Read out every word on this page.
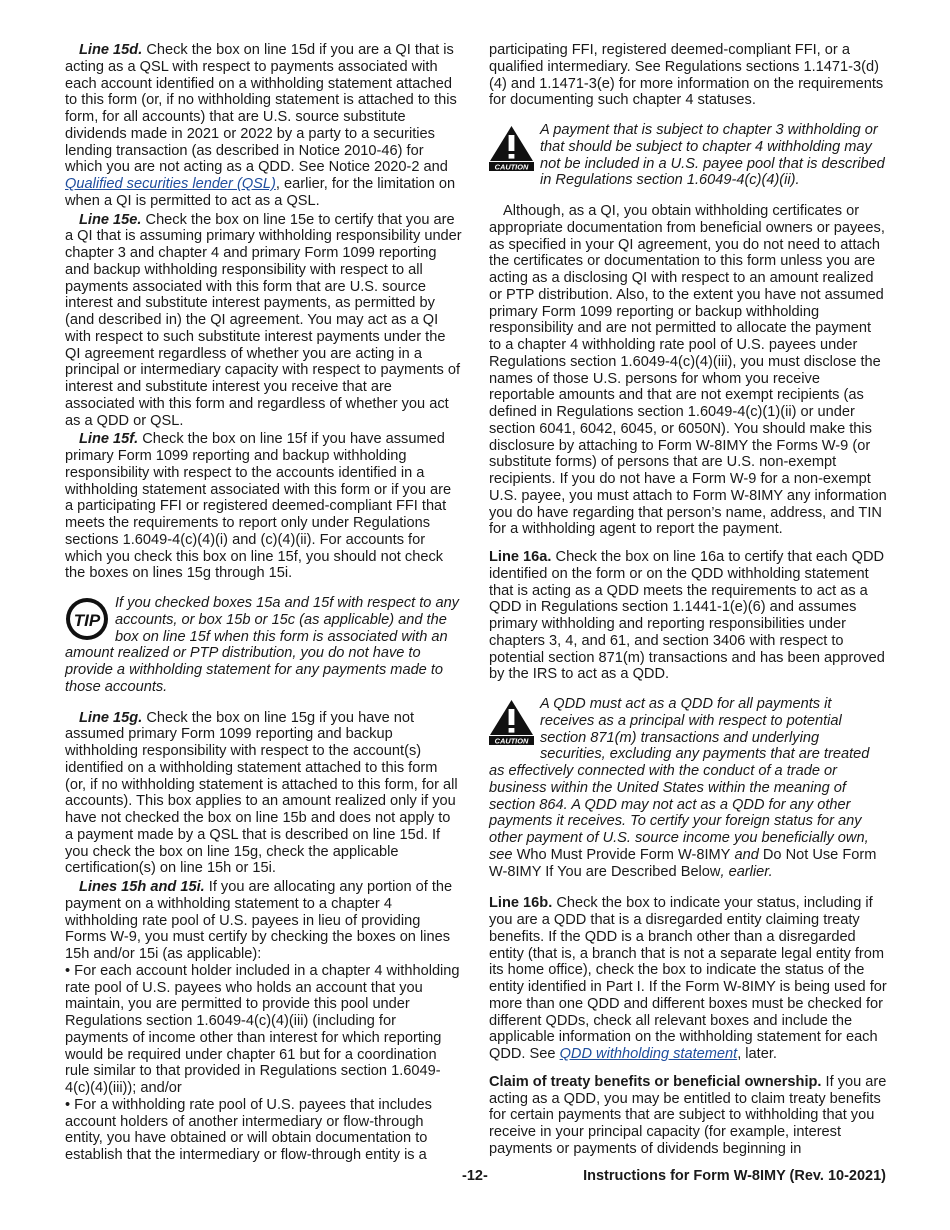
Line 15d. Check the box on line 15d if you are a QI that is acting as a QSL with respect to payments associated with each account identified on a withholding statement attached to this form (or, if no withholding statement is attached to this form, for all accounts) that are U.S. source substitute dividends made in 2021 or 2022 by a party to a securities lending transaction (as described in Notice 2010-46) for which you are not acting as a QDD. See Notice 2020-2 and Qualified securities lender (QSL), earlier, for the limitation on when a QI is permitted to act as a QSL.

Line 15e. Check the box on line 15e to certify that you are a QI that is assuming primary withholding responsibility under chapter 3 and chapter 4 and primary Form 1099 reporting and backup withholding responsibility with respect to all payments associated with this form that are U.S. source interest and substitute interest payments, as permitted by (and described in) the QI agreement. You may act as a QI with respect to such substitute interest payments under the QI agreement regardless of whether you are acting in a principal or intermediary capacity with respect to payments of interest and substitute interest you receive that are associated with this form and regardless of whether you act as a QDD or QSL.

Line 15f. Check the box on line 15f if you have assumed primary Form 1099 reporting and backup withholding responsibility with respect to the accounts identified in a withholding statement associated with this form or if you are a participating FFI or registered deemed-compliant FFI that meets the requirements to report only under Regulations sections 1.6049-4(c)(4)(i) and (c)(4)(ii). For accounts for which you check this box on line 15f, you should not check the boxes on lines 15g through 15i.

TIP
If you checked boxes 15a and 15f with respect to any accounts, or box 15b or 15c (as applicable) and the box on line 15f when this form is associated with an amount realized or PTP distribution, you do not have to provide a withholding statement for any payments made to those accounts.

Line 15g. Check the box on line 15g if you have not assumed primary Form 1099 reporting and backup withholding responsibility with respect to the account(s) identified on a withholding statement attached to this form (or, if no withholding statement is attached to this form, for all accounts). This box applies to an amount realized only if you have not checked the box on line 15b and does not apply to a payment made by a QSL that is described on line 15d. If you check the box on line 15g, check the applicable certification(s) on line 15h or 15i.

Lines 15h and 15i. If you are allocating any portion of the payment on a withholding statement to a chapter 4 withholding rate pool of U.S. payees in lieu of providing Forms W-9, you must certify by checking the boxes on lines 15h and/or 15i (as applicable):

• For each account holder included in a chapter 4 withholding rate pool of U.S. payees who holds an account that you maintain, you are permitted to provide this pool under Regulations section 1.6049-4(c)(4)(iii) (including for payments of income other than interest for which reporting would be required under chapter 61 but for a coordination rule similar to that provided in Regulations section 1.6049-4(c)(4)(iii)); and/or

• For a withholding rate pool of U.S. payees that includes account holders of another intermediary or flow-through entity, you have obtained or will obtain documentation to establish that the intermediary or flow-through entity is a

participating FFI, registered deemed-compliant FFI, or a qualified intermediary. See Regulations sections 1.1471-3(d)(4) and 1.1471-3(e) for more information on the requirements for documenting such chapter 4 statuses.

CAUTION
A payment that is subject to chapter 3 withholding or that should be subject to chapter 4 withholding may not be included in a U.S. payee pool that is described in Regulations section 1.6049-4(c)(4)(ii).

Although, as a QI, you obtain withholding certificates or appropriate documentation from beneficial owners or payees, as specified in your QI agreement, you do not need to attach the certificates or documentation to this form unless you are acting as a disclosing QI with respect to an amount realized or PTP distribution. Also, to the extent you have not assumed primary Form 1099 reporting or backup withholding responsibility and are not permitted to allocate the payment to a chapter 4 withholding rate pool of U.S. payees under Regulations section 1.6049-4(c)(4)(iii), you must disclose the names of those U.S. persons for whom you receive reportable amounts and that are not exempt recipients (as defined in Regulations section 1.6049-4(c)(1)(ii) or under section 6041, 6042, 6045, or 6050N). You should make this disclosure by attaching to Form W-8IMY the Forms W-9 (or substitute forms) of persons that are U.S. non-exempt recipients. If you do not have a Form W-9 for a non-exempt U.S. payee, you must attach to Form W-8IMY any information you do have regarding that person’s name, address, and TIN for a withholding agent to report the payment.

Line 16a. Check the box on line 16a to certify that each QDD identified on the form or on the QDD withholding statement that is acting as a QDD meets the requirements to act as a QDD in Regulations section 1.1441-1(e)(6) and assumes primary withholding and reporting responsibilities under chapters 3, 4, and 61, and section 3406 with respect to potential section 871(m) transactions and has been approved by the IRS to act as a QDD.

CAUTION
A QDD must act as a QDD for all payments it receives as a principal with respect to potential section 871(m) transactions and underlying securities, excluding any payments that are treated as effectively connected with the conduct of a trade or business within the United States within the meaning of section 864. A QDD may not act as a QDD for any other payments it receives. To certify your foreign status for any other payment of U.S. source income you beneficially own, see Who Must Provide Form W-8IMY and Do Not Use Form W-8IMY If You are Described Below, earlier.

Line 16b. Check the box to indicate your status, including if you are a QDD that is a disregarded entity claiming treaty benefits. If the QDD is a branch other than a disregarded entity (that is, a branch that is not a separate legal entity from its home office), check the box to indicate the status of the entity identified in Part I. If the Form W-8IMY is being used for more than one QDD and different boxes must be checked for different QDDs, check all relevant boxes and include the applicable information on the withholding statement for each QDD. See QDD withholding statement, later.

Claim of treaty benefits or beneficial ownership. If you are acting as a QDD, you may be entitled to claim treaty benefits for certain payments that are subject to withholding that you receive in your principal capacity (for example, interest payments or payments of dividends beginning in

-12-	Instructions for Form W-8IMY (Rev. 10-2021)
